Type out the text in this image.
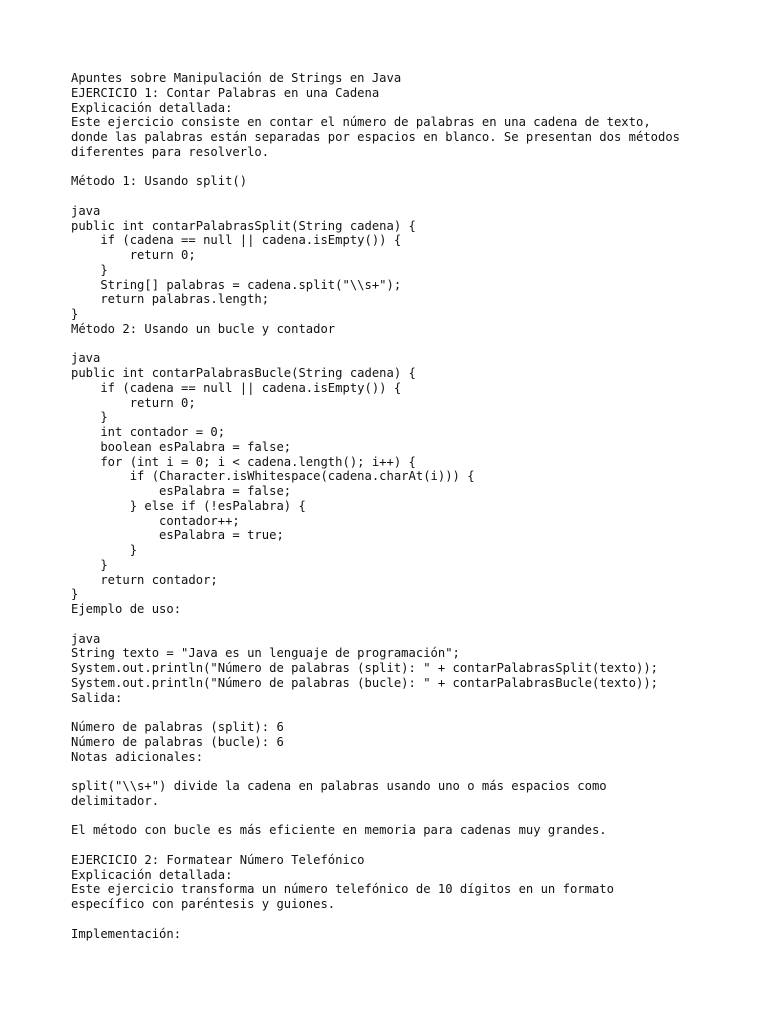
Apuntes sobre Manipulación de Strings en Java
EJERCICIO 1: Contar Palabras en una Cadena
Explicación detallada:
Este ejercicio consiste en contar el número de palabras en una cadena de texto,
donde las palabras están separadas por espacios en blanco. Se presentan dos métodos
diferentes para resolverlo.
Método 1: Usando split()
java
public int contarPalabrasSplit(String cadena) {
if (cadena == null || cadena.isEmpty()) {
return 0;
}
String[] palabras = cadena.split("\\s+");
return palabras.length;
}
Método 2: Usando un bucle y contador
java
public int contarPalabrasBucle(String cadena) {
if (cadena == null || cadena.isEmpty()) {
return 0;
}
int contador = 0;
boolean esPalabra = false;
for (int i = 0; i < cadena.length(); i++) {
if (Character.isWhitespace(cadena.charAt(i))) {
esPalabra = false;
} else if (!esPalabra) {
contador++;
esPalabra = true;
}
}
return contador;
}
Ejemplo de uso:
java
String texto = "Java es un lenguaje de programación";
System.out.println("Número de palabras (split): " + contarPalabrasSplit(texto));
System.out.println("Número de palabras (bucle): " + contarPalabrasBucle(texto));
Salida:
Número de palabras (split): 6
Número de palabras (bucle): 6
Notas adicionales:
split("\\s+") divide la cadena en palabras usando uno o más espacios como
delimitador.
El método con bucle es más eficiente en memoria para cadenas muy grandes.
EJERCICIO 2: Formatear Número Telefónico
Explicación detallada:
Este ejercicio transforma un número telefónico de 10 dígitos en un formato
específico con paréntesis y guiones.
Implementación:
